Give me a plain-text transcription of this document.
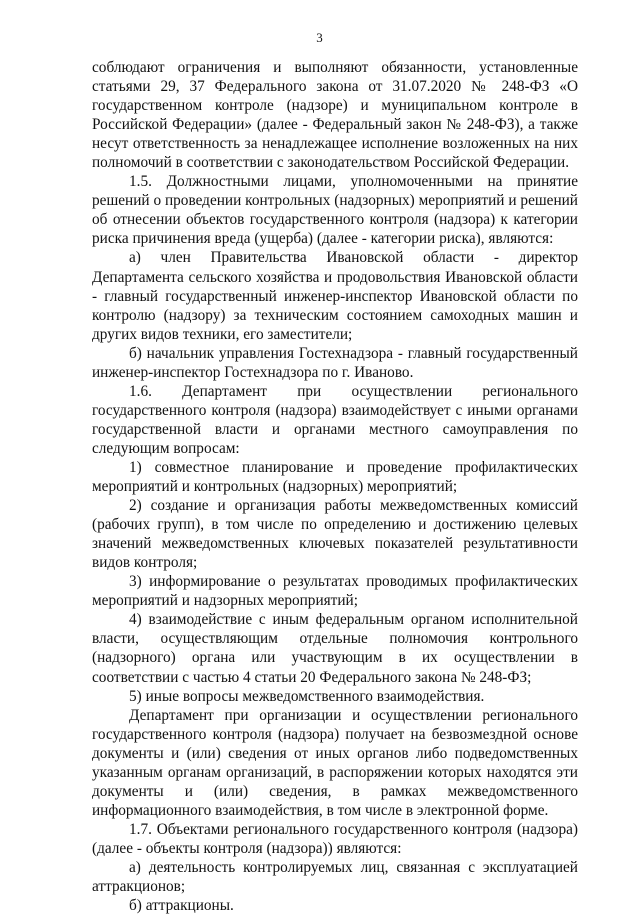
3

соблюдают ограничения и выполняют обязанности, установленные статьями 29, 37 Федерального закона от 31.07.2020 № 248-ФЗ «О государственном контроле (надзоре) и муниципальном контроле в Российской Федерации» (далее - Федеральный закон № 248-ФЗ), а также несут ответственность за ненадлежащее исполнение возложенных на них полномочий в соответствии с законодательством Российской Федерации.

1.5. Должностными лицами, уполномоченными на принятие решений о проведении контрольных (надзорных) мероприятий и решений об отнесении объектов государственного контроля (надзора) к категории риска причинения вреда (ущерба) (далее - категории риска), являются:

а) член Правительства Ивановской области - директор Департамента сельского хозяйства и продовольствия Ивановской области - главный государственный инженер-инспектор Ивановской области по контролю (надзору) за техническим состоянием самоходных машин и других видов техники, его заместители;

б) начальник управления Гостехнадзора - главный государственный инженер-инспектор Гостехнадзора по г. Иваново.

1.6. Департамент при осуществлении регионального государственного контроля (надзора) взаимодействует с иными органами государственной власти и органами местного самоуправления по следующим вопросам:

1) совместное планирование и проведение профилактических мероприятий и контрольных (надзорных) мероприятий;

2) создание и организация работы межведомственных комиссий (рабочих групп), в том числе по определению и достижению целевых значений межведомственных ключевых показателей результативности видов контроля;

3) информирование о результатах проводимых профилактических мероприятий и надзорных мероприятий;

4) взаимодействие с иным федеральным органом исполнительной власти, осуществляющим отдельные полномочия контрольного (надзорного) органа или участвующим в их осуществлении в соответствии с частью 4 статьи 20 Федерального закона № 248-ФЗ;

5) иные вопросы межведомственного взаимодействия.

Департамент при организации и осуществлении регионального государственного контроля (надзора) получает на безвозмездной основе документы и (или) сведения от иных органов либо подведомственных указанным органам организаций, в распоряжении которых находятся эти документы и (или) сведения, в рамках межведомственного информационного взаимодействия, в том числе в электронной форме.

1.7. Объектами регионального государственного контроля (надзора) (далее - объекты контроля (надзора)) являются:

а) деятельность контролируемых лиц, связанная с эксплуатацией аттракционов;

б) аттракционы.
